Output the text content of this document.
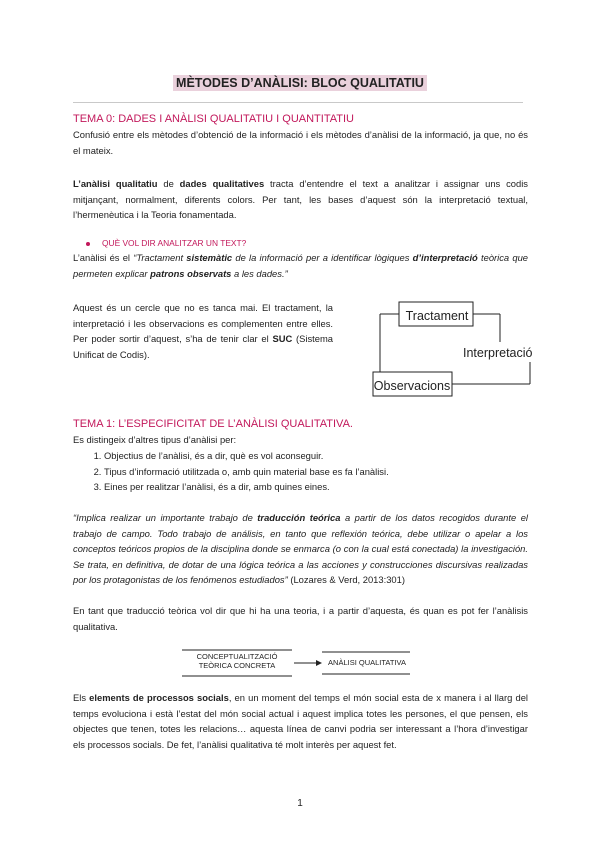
MÈTODES D’ANÀLISI: BLOC QUALITATIU
TEMA 0: DADES I ANÀLISI QUALITATIU I QUANTITATIU
Confusió entre els mètodes d’obtenció de la informació i els mètodes d’anàlisi de la informació, ja que, no és el mateix.
L’anàlisi qualitatiu de dades qualitatives tracta d’entendre el text a analitzar i assignar uns codis mitjançant, normalment, diferents colors. Per tant, les bases d’aquest són la interpretació textual, l’hermenèutica i la Teoria fonamentada.
QUÈ VOL DIR ANALITZAR UN TEXT?
L’anàlisi és el “Tractament sistemàtic de la informació per a identificar lògiques d’interpretació teòrica que permeten explicar patrons observats a les dades.”
Aquest és un cercle que no es tanca mai. El tractament, la interpretació i les observacions es complementen entre elles. Per poder sortir d’aquest, s’ha de tenir clar el SUC (Sistema Unificat de Codis).
Tractament
Interpretació
Observacions
TEMA 1: L’ESPECIFICITAT DE L’ANÀLISI QUALITATIVA.
Es distingeix d’altres tipus d’anàlisi per:
1. Objectius de l’anàlisi, és a dir, què es vol aconseguir.
2. Tipus d’informació utilitzada o, amb quin material base es fa l’anàlisi.
3. Eines per realitzar l’anàlisi, és a dir, amb quines eines.
“Implica realizar un importante trabajo de traducción teórica a partir de los datos recogidos durante el trabajo de campo. Todo trabajo de análisis, en tanto que reflexión teórica, debe utilizar o apelar a los conceptos teóricos propios de la disciplina donde se enmarca (o con la cual está conectada) la investigación. Se trata, en definitiva, de dotar de una lógica teórica a las acciones y construcciones discursivas realizadas por los protagonistas de los fenómenos estudiados” (Lozares & Verd, 2013:301)
En tant que traducció teòrica vol dir que hi ha una teoria, i a partir d’aquesta, és quan es pot fer l’anàlisis qualitativa.
CONCEPTUALITZACIÓ
TEÒRICA CONCRETA	ANÀLISI QUALITATIVA
Els elements de processos socials, en un moment del temps el món social esta de x manera i al llarg del temps evoluciona i està l’estat del món social actual i aquest implica totes les persones, el que pensen, els objectes que tenen, totes les relacions… aquesta línea de canvi podria ser interessant a l’hora d’investigar els processos socials. De fet, l’anàlisi qualitativa té molt interès per aquest fet.
1
